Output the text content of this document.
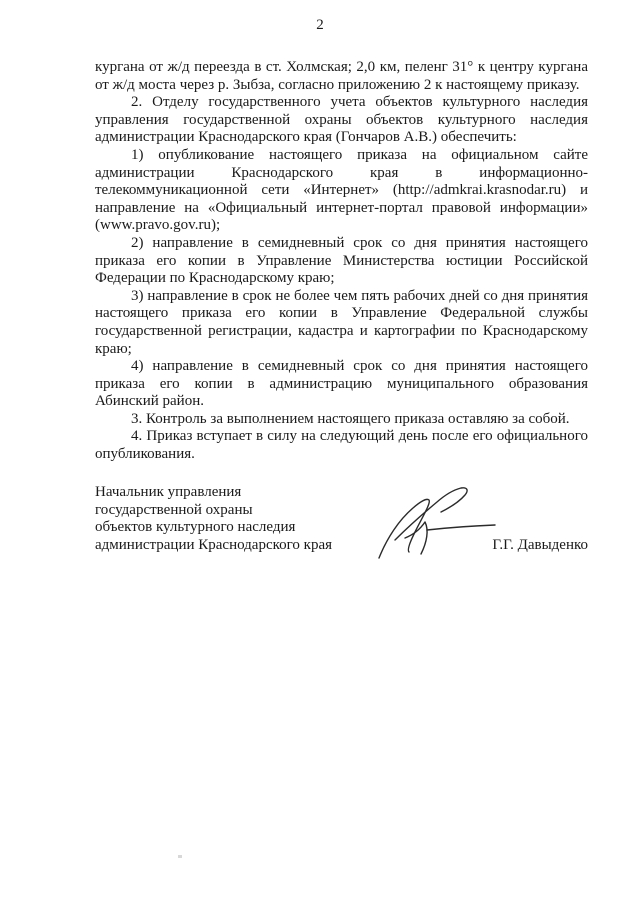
2

кургана от ж/д переезда в ст. Холмская; 2,0 км, пеленг 31° к центру кургана от ж/д моста через р. Зыбза, согласно приложению 2 к настоящему приказу.

2. Отделу государственного учета объектов культурного наследия управления государственной охраны объектов культурного наследия администрации Краснодарского края (Гончаров А.В.) обеспечить:

1) опубликование настоящего приказа на официальном сайте администрации Краснодарского края в информационно-телекоммуникационной сети «Интернет» (http://admkrai.krasnodar.ru) и направление на «Официальный интернет-портал правовой информации» (www.pravo.gov.ru);

2) направление в семидневный срок со дня принятия настоящего приказа его копии в Управление Министерства юстиции Российской Федерации по Краснодарскому краю;

3) направление в срок не более чем пять рабочих дней со дня принятия настоящего приказа его копии в Управление Федеральной службы государственной регистрации, кадастра и картографии по Краснодарскому краю;

4) направление в семидневный срок со дня принятия настоящего приказа его копии в администрацию муниципального образования Абинский район.

3. Контроль за выполнением настоящего приказа оставляю за собой.

4. Приказ вступает в силу на следующий день после его официального опубликования.

Начальник управления
государственной охраны
объектов культурного наследия
администрации Краснодарского края	Г.Г. Давыденко
